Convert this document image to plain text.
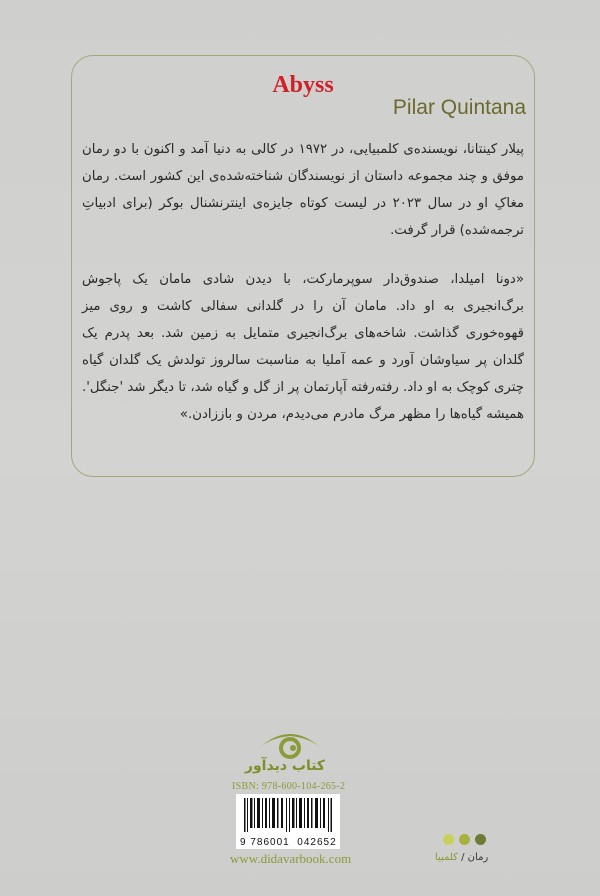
Abyss
Pilar Quintana
پیلار کینتانا، نویسنده‌ی کلمبیایی، در ۱۹۷۲ در کالی به دنیا آمد و اکنون با دو رمان موفق و چند مجموعه داستان از نویسندگان شناخته‌شده‌ی این کشور است. رمان مغاکِ او در سال ۲۰۲۳ در لیست کوتاه جایزه‌ی اینترنشنال بوکر (برای ادبیاتِ ترجمه‌شده) قرار گرفت.
«دونا امیلدا، صندوق‌دار سوپرمارکت، با دیدن شادی مامان یک پاجوش برگ‌انجیری به او داد. مامان آن را در گلدانی سفالی کاشت و روی میز قهوه‌خوری گذاشت. شاخه‌های برگ‌انجیری متمایل به زمین شد. بعد پدرم یک گلدان پر سیاوشان آورد و عمه آملیا به مناسبت سالروز تولدش یک گلدان گیاه چتری کوچک به او داد. رفته‌رفته آپارتمان پر از گل و گیاه شد، تا دیگر شد 'جنگل'. همیشه گیاه‌ها را مظهر مرگ مادرم می‌دیدم، مردن و باززادن.»
کتاب دیدآور
ISBN: 978-600-104-265-2
9 786001  042652
www.didavarbook.com	رمان / کلمبیا
